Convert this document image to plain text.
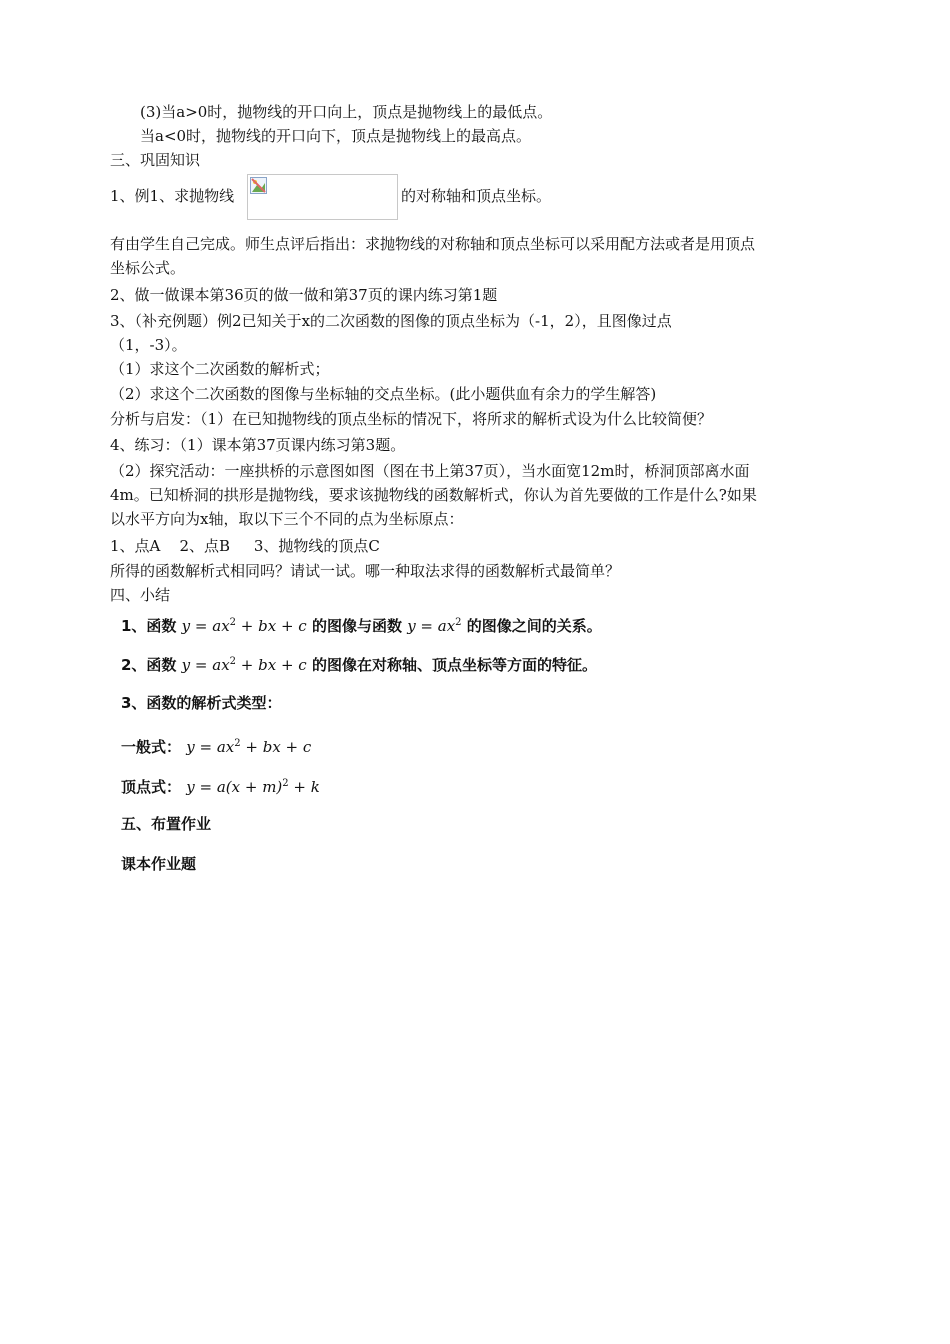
(3)当a>0时，抛物线的开口向上，顶点是抛物线上的最低点。
当a<0时，抛物线的开口向下，顶点是抛物线上的最高点。
三、巩固知识
1、例1、求抛物线	的对称轴和顶点坐标。
有由学生自己完成。师生点评后指出：求抛物线的对称轴和顶点坐标可以采用配方法或者是用顶点
坐标公式。
2、做一做课本第36页的做一做和第37页的课内练习第1题
3、（补充例题）例2已知关于x的二次函数的图像的顶点坐标为（-1，2），且图像过点
（1，-3）。
（1）求这个二次函数的解析式；
（2）求这个二次函数的图像与坐标轴的交点坐标。(此小题供血有余力的学生解答)
分析与启发：（1）在已知抛物线的顶点坐标的情况下，将所求的解析式设为什么比较简便？
4、练习：（1）课本第37页课内练习第3题。
（2）探究活动：一座拱桥的示意图如图（图在书上第37页），当水面宽12m时，桥洞顶部离水面
4m。已知桥洞的拱形是抛物线，要求该抛物线的函数解析式，你认为首先要做的工作是什么?如果
以水平方向为x轴，取以下三个不同的点为坐标原点：
1、点A    2、点B     3、抛物线的顶点C
所得的函数解析式相同吗？请试一试。哪一种取法求得的函数解析式最简单？
四、小结
1、函数 $y = ax^2$ + bx + c 的图像与函数 $y = ax^2$ 的图像之间的关系。
2、函数 $y = ax^2$ + bx + c 的图像在对称轴、顶点坐标等方面的特征。
3、函数的解析式类型：
一般式： $y = ax^2$ + bx + c
顶点式： $y = a(x + m)^2 + k$
五、布置作业
课本作业题
